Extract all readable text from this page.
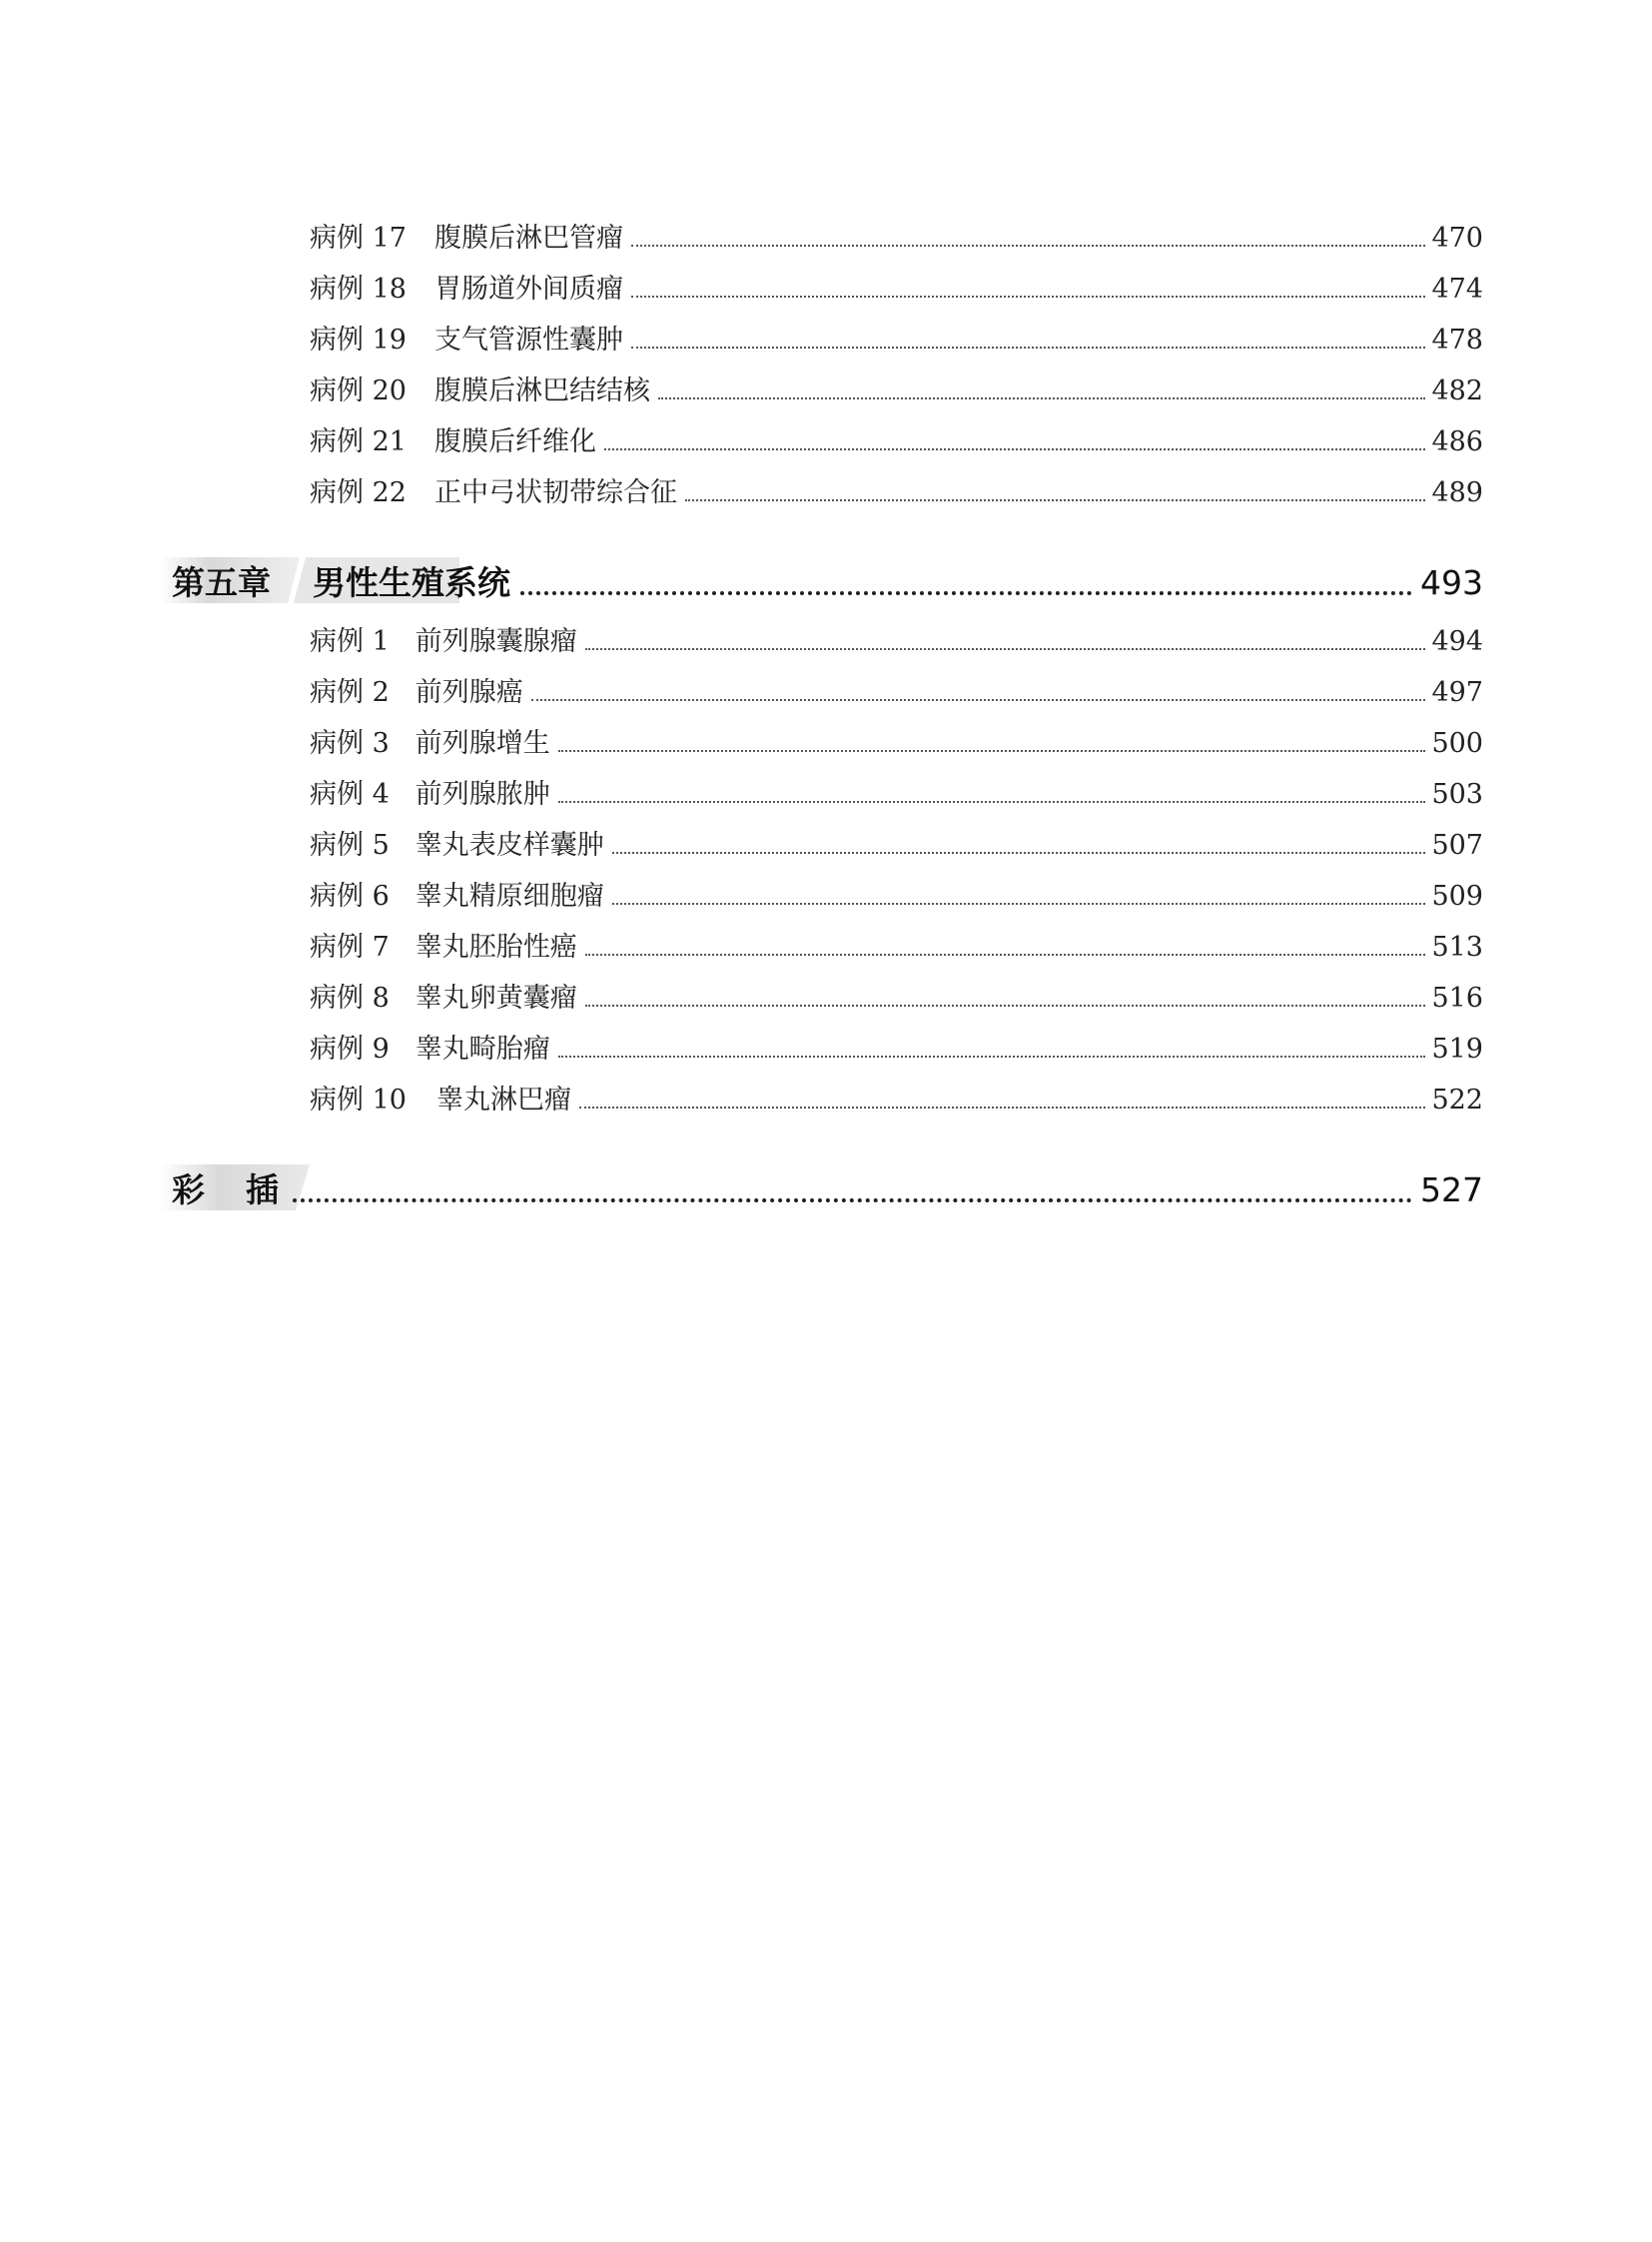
病例 17 腹膜后淋巴管瘤	470
病例 18 胃肠道外间质瘤	474
病例 19 支气管源性囊肿	478
病例 20 腹膜后淋巴结结核	482
病例 21 腹膜后纤维化	486
病例 22 正中弓状韧带综合征	489
第五章 男性生殖系统	493
病例 1 前列腺囊腺瘤	494
病例 2 前列腺癌	497
病例 3 前列腺增生	500
病例 4 前列腺脓肿	503
病例 5 睾丸表皮样囊肿	507
病例 6 睾丸精原细胞瘤	509
病例 7 睾丸胚胎性癌	513
病例 8 睾丸卵黄囊瘤	516
病例 9 睾丸畸胎瘤	519
病例 10 睾丸淋巴瘤	522
彩　插	527
